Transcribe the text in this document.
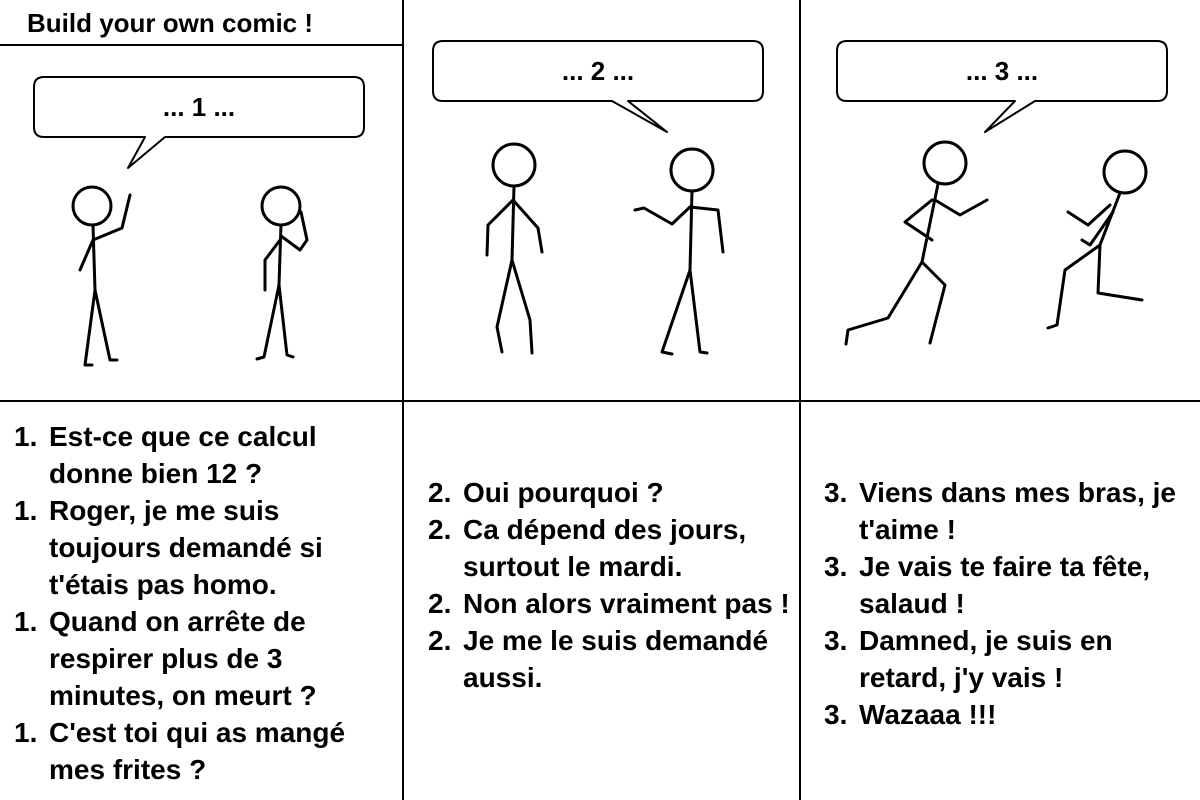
Build your own comic !
... 1 ...
... 2 ...	... 3 ...
1. Est-ce que ce calcul donne bien 12 ?
1. Roger, je me suis toujours demandé si t'étais pas homo.
1. Quand on arrête de respirer plus de 3 minutes, on meurt ?
1. C'est toi qui as mangé mes frites ?
2. Oui pourquoi ?
2. Ca dépend des jours, surtout le mardi.
2. Non alors vraiment pas !
2. Je me le suis demandé aussi.
3. Viens dans mes bras, je t'aime !
3. Je vais te faire ta fête, salaud !
3. Damned, je suis en retard, j'y vais !
3. Wazaaa !!!
